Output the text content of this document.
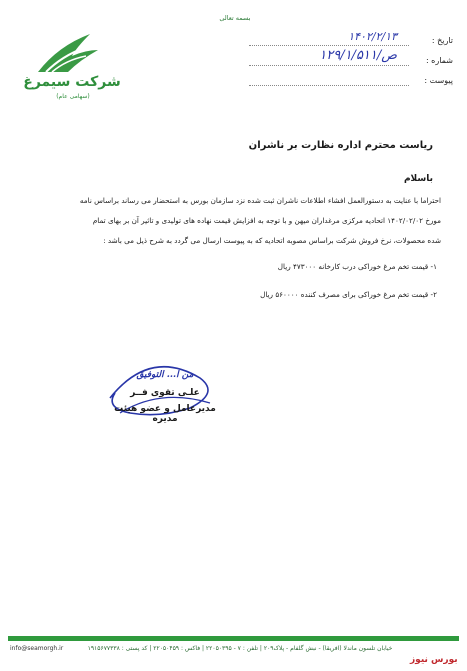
بسمه تعالی
شرکت سیمرغ
(سهامی عام)
تاریخ :
۱۴۰۲/۲/۱۳
شماره :
۱۲۹/۱/۵۱۱/ص
پیوست :
ریاست محترم اداره نظارت بر ناشران
باسلام
احتراما با عنایت به دستورالعمل افشاء اطلاعات ناشران ثبت شده نزد سازمان بورس به استحضار می رساند براساس نامه
مورخ ۱۴۰۲/۰۲/۰۲ اتحادیه مرکزی مرغداران میهن و با توجه به افزایش قیمت نهاده های تولیدی و تاثیر آن بر بهای تمام
شده محصولات، نرخ فروش شرکت براساس مصوبه اتحادیه که به پیوست ارسال می گردد به شرح ذیل می باشد :
۱- قیمت تخم مرغ خوراکی درب کارخانه ۴۷۳۰۰۰ ریال
۲- قیمت تخم مرغ خوراکی برای مصرف کننده ۵۶۰۰۰۰ ریال
من ا... التوفیق
علـی تقوی فــر
مدیرعامل و عضو هیئت مدیره
info@seamorgh.ir	خیابان تلسون ماندلا (افریقا) - نبش گلفام - پلاک۲۰۹ | تلفن : ۷ - ۲۲۰۵۰۳۹۵ | فاکس : ۲۲۰۵۰۴۵۹ | کد پستی : ۱۹۱۵۶۷۷۳۳۸
بورس نیوز
